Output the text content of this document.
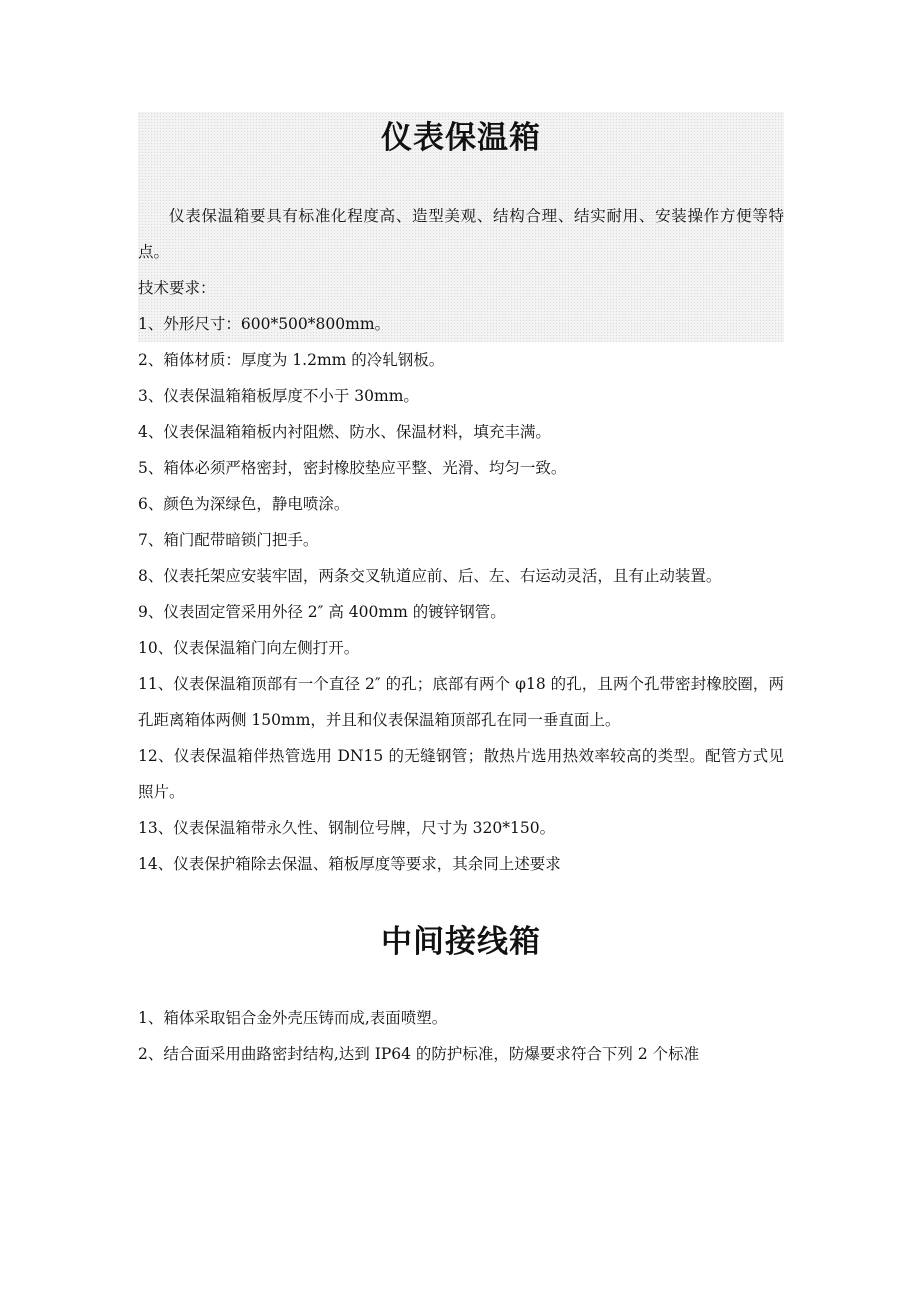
仪表保温箱

仪表保温箱要具有标准化程度高、造型美观、结构合理、结实耐用、安装操作方便等特点。

技术要求：

1、外形尺寸：600*500*800mm。
2、箱体材质：厚度为 1.2mm 的冷轧钢板。
3、仪表保温箱箱板厚度不小于 30mm。
4、仪表保温箱箱板内衬阻燃、防水、保温材料，填充丰满。
5、箱体必须严格密封，密封橡胶垫应平整、光滑、均匀一致。
6、颜色为深绿色，静电喷涂。
7、箱门配带暗锁门把手。
8、仪表托架应安装牢固，两条交叉轨道应前、后、左、右运动灵活，且有止动装置。
9、仪表固定管采用外径 2″ 高 400mm 的镀锌钢管。
10、仪表保温箱门向左侧打开。
11、仪表保温箱顶部有一个直径 2″ 的孔；底部有两个 φ18 的孔，且两个孔带密封橡胶圈，两孔距离箱体两侧 150mm，并且和仪表保温箱顶部孔在同一垂直面上。
12、仪表保温箱伴热管选用 DN15 的无缝钢管；散热片选用热效率较高的类型。配管方式见照片。
13、仪表保温箱带永久性、钢制位号牌，尺寸为 320*150。
14、仪表保护箱除去保温、箱板厚度等要求，其余同上述要求
中间接线箱
1、箱体采取铝合金外壳压铸而成,表面喷塑。
2、结合面采用曲路密封结构,达到 IP64 的防护标准，防爆要求符合下列 2 个标准
